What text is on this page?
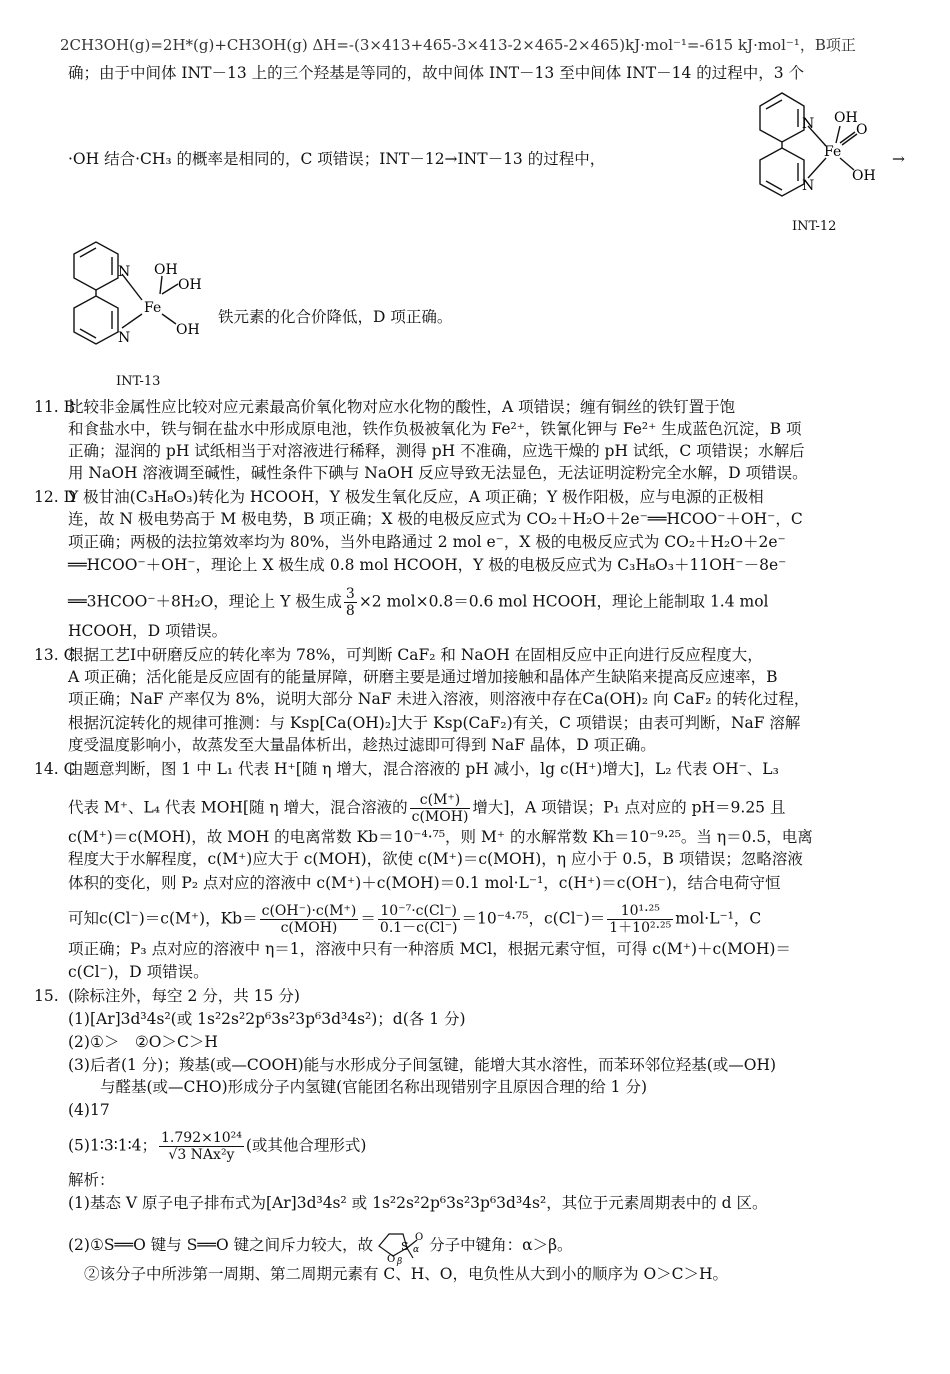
2CH3OH(g)=2H*(g)+CH3OH(g) ΔH=-(3×413+465-3×413-2×465-2×465)kJ·mol⁻¹=-615 kJ·mol⁻¹，B项正
确；由于中间体 INT－13 上的三个羟基是等同的，故中间体 INT－13 至中间体 INT－14 的过程中，3 个
N
N
Fe
OH
O
OH
INT-12
·OH 结合·CH₃ 的概率是相同的，C 项错误；INT－12→INT－13 的过程中，	→
N
N
Fe
OH
OH
OH
INT-13
铁元素的化合价降低，D 项正确。
11. B比较非金属性应比较对应元素最高价氧化物对应水化物的酸性，A 项错误；缠有铜丝的铁钉置于饱
和食盐水中，铁与铜在盐水中形成原电池，铁作负极被氧化为 Fe²⁺，铁氰化钾与 Fe²⁺ 生成蓝色沉淀，B 项
正确；湿润的 pH 试纸相当于对溶液进行稀释，测得 pH 不准确，应选干燥的 pH 试纸，C 项错误；水解后
用 NaOH 溶液调至碱性，碱性条件下碘与 NaOH 反应导致无法显色，无法证明淀粉完全水解，D 项错误。
12. DY 极甘油(C₃H₈O₃)转化为 HCOOH，Y 极发生氧化反应，A 项正确；Y 极作阳极，应与电源的正极相
连，故 N 极电势高于 M 极电势，B 项正确；X 极的电极反应式为 CO₂＋H₂O＋2e⁻══HCOO⁻＋OH⁻，C
项正确；两极的法拉第效率均为 80%，当外电路通过 2 mol e⁻，X 极的电极反应式为 CO₂＋H₂O＋2e⁻
══HCOO⁻＋OH⁻，理论上 X 极生成 0.8 mol HCOOH，Y 极的电极反应式为 C₃H₈O₃＋11OH⁻－8e⁻
══3HCOO⁻＋8H₂O，理论上 Y 极生成 $\frac{3}{8} \times 2$ mol×0.8＝0.6 mol HCOOH，理论上能制取 1.4 mol
HCOOH，D 项错误。
13. C根据工艺Ⅰ中研磨反应的转化率为 78%，可判断 CaF₂ 和 NaOH 在固相反应中正向进行反应程度大，
A 项正确；活化能是反应固有的能量屏障，研磨主要是通过增加接触和晶体产生缺陷来提高反应速率，B
项正确；NaF 产率仅为 8%，说明大部分 NaF 未进入溶液，则溶液中存在Ca(OH)₂ 向 CaF₂ 的转化过程，
根据沉淀转化的规律可推测：与 Ksp[Ca(OH)₂]大于 Ksp(CaF₂)有关，C 项错误；由表可判断，NaF 溶解
度受温度影响小，故蒸发至大量晶体析出，趁热过滤即可得到 NaF 晶体，D 项正确。
14. C由题意判断，图 1 中 L₁ 代表 H⁺[随 η 增大，混合溶液的 pH 减小，lg c(H⁺)增大]，L₂ 代表 OH⁻、L₃
代表 M⁺、L₄ 代表 MOH[随 η 增大，混合溶液的 $\frac{c(M^+)}{\text{c(MOH)}}$ 增大]，A 项错误；P₁ 点对应的 pH＝9.25 且
c(M⁺)＝c(MOH)，故 MOH 的电离常数 Kb＝10⁻⁴·⁷⁵，则 M⁺ 的水解常数 Kh＝10⁻⁹·²⁵。当 η＝0.5，电离
程度大于水解程度，c(M⁺)应大于 c(MOH)，欲使 c(M⁺)＝c(MOH)，η 应小于 0.5，B 项错误；忽略溶液
体积的变化，则 P₂ 点对应的溶液中 c(M⁺)＋c(MOH)＝0.1 mol·L⁻¹，c(H⁺)＝c(OH⁻)，结合电荷守恒
可知c(Cl⁻)＝c(M⁺)，$Kb= \frac{c(OH^-)\cdot c(M^+)}{\text{c(MOH)}} = \frac{\text{10⁻⁷·c(Cl⁻)}}{0.1-c(Cl^-)} =10^{-4}\cdot^{75}$，$c(Cl^-)= \frac{\text{10¹·²⁵}}{\text{1＋10²·²⁵}} mol\cdot L^{-1}$，C
项正确；P₃ 点对应的溶液中 η＝1，溶液中只有一种溶质 MCl，根据元素守恒，可得 c(M⁺)＋c(MOH)＝
c(Cl⁻)，D 项错误。
15. (除标注外，每空 2 分，共 15 分)
(1)[Ar]3d³4s²(或 1s²2s²2p⁶3s²3p⁶3d³4s²)；d(各 1 分)
(2)①＞　②O＞C＞H
(3)后者(1 分)；羧基(或—COOH)能与水形成分子间氢键，能增大其水溶性，而苯环邻位羟基(或—OH)
与醛基(或—CHO)形成分子内氢键(官能团名称出现错别字且原因合理的给 1 分)
(4)17
(5)1∶3∶1∶4； $\frac{\text{1.792×10²⁴}}{\text{√3 NAx²y}}$ (或其他合理形式)
解析：
(1)基态 V 原子电子排布式为[Ar]3d³4s² 或 1s²2s²2p⁶3s²3p⁶3d³4s²，其位于元素周期表中的 d 区。
(2)①S══O 键与 S══O 键之间斥力较大，故	S
O
O
α
β
分子中键角：α＞β。
②该分子中所涉第一周期、第二周期元素有 C、H、O，电负性从大到小的顺序为 O＞C＞H。
